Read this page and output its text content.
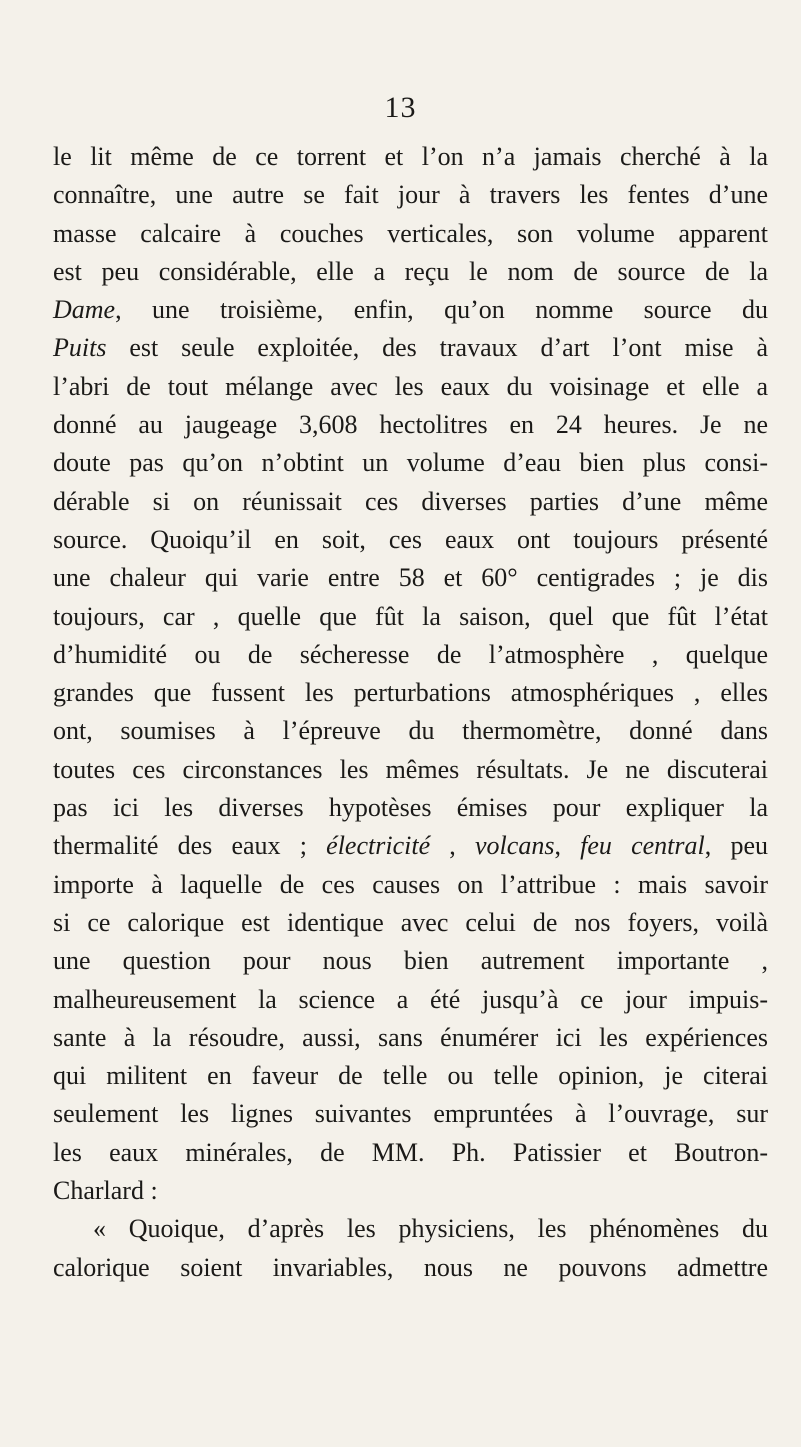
13
le lit même de ce torrent et l’on n’a jamais cherché à la
connaître, une autre se fait jour à travers les fentes d’une
masse calcaire à couches verticales, son volume apparent
est peu considérable, elle a reçu le nom de source de la
Dame, une troisième, enfin, qu’on nomme source du
Puits est seule exploitée, des travaux d’art l’ont mise à
l’abri de tout mélange avec les eaux du voisinage et elle a
donné au jaugeage 3,608 hectolitres en 24 heures. Je ne
doute pas qu’on n’obtint un volume d’eau bien plus consi-
dérable si on réunissait ces diverses parties d’une même
source. Quoiqu’il en soit, ces eaux ont toujours présenté
une chaleur qui varie entre 58 et 60° centigrades ; je dis
toujours, car , quelle que fût la saison, quel que fût l’état
d’humidité ou de sécheresse de l’atmosphère , quelque
grandes que fussent les perturbations atmosphériques , elles
ont, soumises à l’épreuve du thermomètre, donné dans
toutes ces circonstances les mêmes résultats. Je ne discuterai
pas ici les diverses hypotèses émises pour expliquer la
thermalité des eaux ; électricité , volcans, feu central, peu
importe à laquelle de ces causes on l’attribue : mais savoir
si ce calorique est identique avec celui de nos foyers, voilà
une question pour nous bien autrement importante ,
malheureusement la science a été jusqu’à ce jour impuis-
sante à la résoudre, aussi, sans énumérer ici les expériences
qui militent en faveur de telle ou telle opinion, je citerai
seulement les lignes suivantes empruntées à l’ouvrage, sur
les eaux minérales, de MM. Ph. Patissier et Boutron-
Charlard :
« Quoique, d’après les physiciens, les phénomènes du
calorique soient invariables, nous ne pouvons admettre
